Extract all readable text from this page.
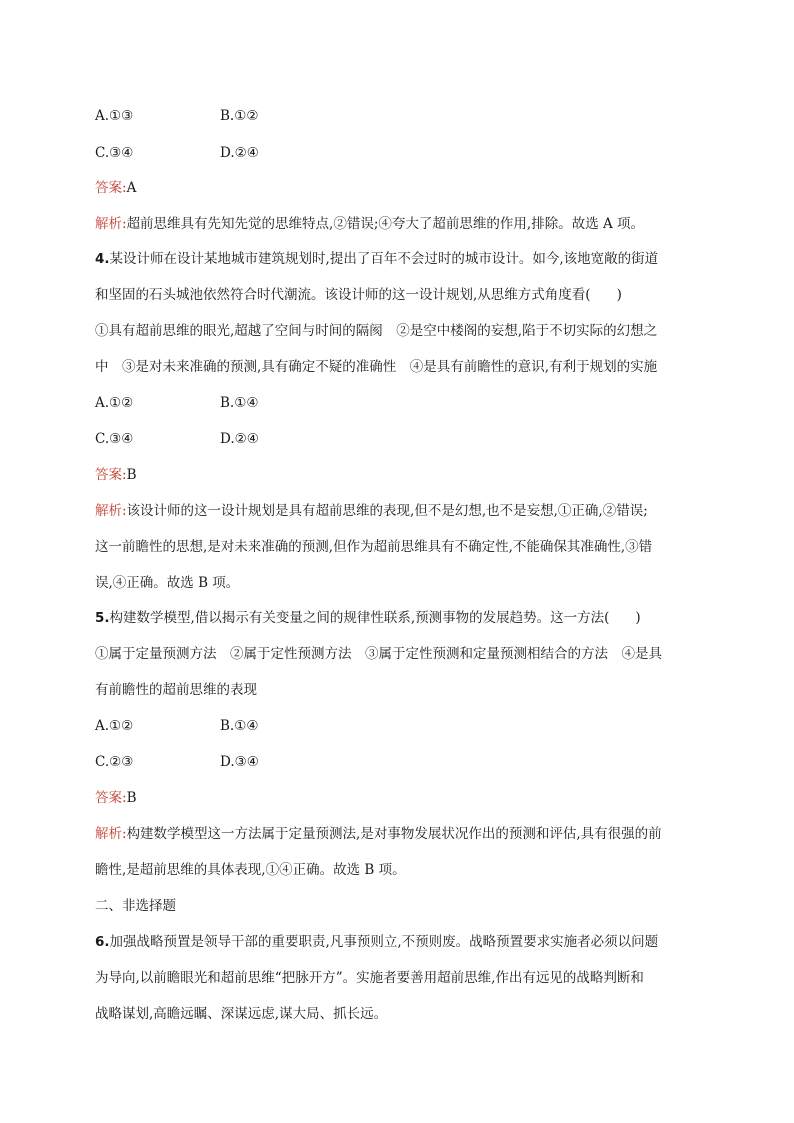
A.①③	B.①②
C.③④	D.②④
答案:A
解析:超前思维具有先知先觉的思维特点,②错误;④夸大了超前思维的作用,排除。故选 A 项。
4.某设计师在设计某地城市建筑规划时,提出了百年不会过时的城市设计。如今,该地宽敞的街道
和坚固的石头城池依然符合时代潮流。该设计师的这一设计规划,从思维方式角度看( )
①具有超前思维的眼光,超越了空间与时间的隔阂　②是空中楼阁的妄想,陷于不切实际的幻想之
中　③是对未来准确的预测,具有确定不疑的准确性　④是具有前瞻性的意识,有利于规划的实施
A.①②	B.①④
C.③④	D.②④
答案:B
解析:该设计师的这一设计规划是具有超前思维的表现,但不是幻想,也不是妄想,①正确,②错误;
这一前瞻性的思想,是对未来准确的预测,但作为超前思维具有不确定性,不能确保其准确性,③错
误,④正确。故选 B 项。
5.构建数学模型,借以揭示有关变量之间的规律性联系,预测事物的发展趋势。这一方法( )
①属于定量预测方法　②属于定性预测方法　③属于定性预测和定量预测相结合的方法　④是具
有前瞻性的超前思维的表现
A.①②	B.①④
C.②③	D.③④
答案:B
解析:构建数学模型这一方法属于定量预测法,是对事物发展状况作出的预测和评估,具有很强的前
瞻性,是超前思维的具体表现,①④正确。故选 B 项。
二、非选择题
6.加强战略预置是领导干部的重要职责,凡事预则立,不预则废。战略预置要求实施者必须以问题
为导向,以前瞻眼光和超前思维“把脉开方”。实施者要善用超前思维,作出有远见的战略判断和
战略谋划,高瞻远瞩、深谋远虑,谋大局、抓长远。
